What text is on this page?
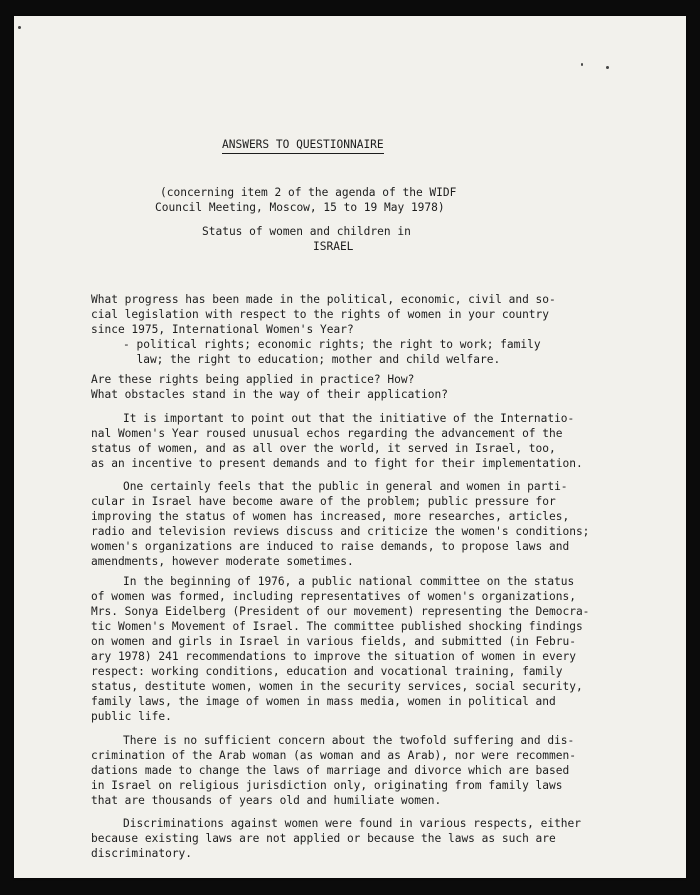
ANSWERS TO QUESTIONNAIRE
(concerning item 2 of the agenda of the WIDF
Council Meeting, Moscow, 15 to 19 May 1978)
Status of women and children in
ISRAEL
What progress has been made in the political, economic, civil and so-
cial legislation with respect to the rights of women in your country
since 1975, International Women's Year?
- political rights; economic rights; the right to work; family
law; the right to education; mother and child welfare.
Are these rights being applied in practice? How?
What obstacles stand in the way of their application?
It is important to point out that the initiative of the Internatio-
nal Women's Year roused unusual echos regarding the advancement of the
status of women, and as all over the world, it served in Israel, too,
as an incentive to present demands and to fight for their implementation.
One certainly feels that the public in general and women in parti-
cular in Israel have become aware of the problem; public pressure for
improving the status of women has increased, more researches, articles,
radio and television reviews discuss and criticize the women's conditions;
women's organizations are induced to raise demands, to propose laws and
amendments, however moderate sometimes.
In the beginning of 1976, a public national committee on the status
of women was formed, including representatives of women's organizations,
Mrs. Sonya Eidelberg (President of our movement) representing the Democra-
tic Women's Movement of Israel. The committee published shocking findings
on women and girls in Israel in various fields, and submitted (in Febru-
ary 1978) 241 recommendations to improve the situation of women in every
respect: working conditions, education and vocational training, family
status, destitute women, women in the security services, social security,
family laws, the image of women in mass media, women in political and
public life.
There is no sufficient concern about the twofold suffering and dis-
crimination of the Arab woman (as woman and as Arab), nor were recommen-
dations made to change the laws of marriage and divorce which are based
in Israel on religious jurisdiction only, originating from family laws
that are thousands of years old and humiliate women.
Discriminations against women were found in various respects, either
because existing laws are not applied or because the laws as such are
discriminatory.
